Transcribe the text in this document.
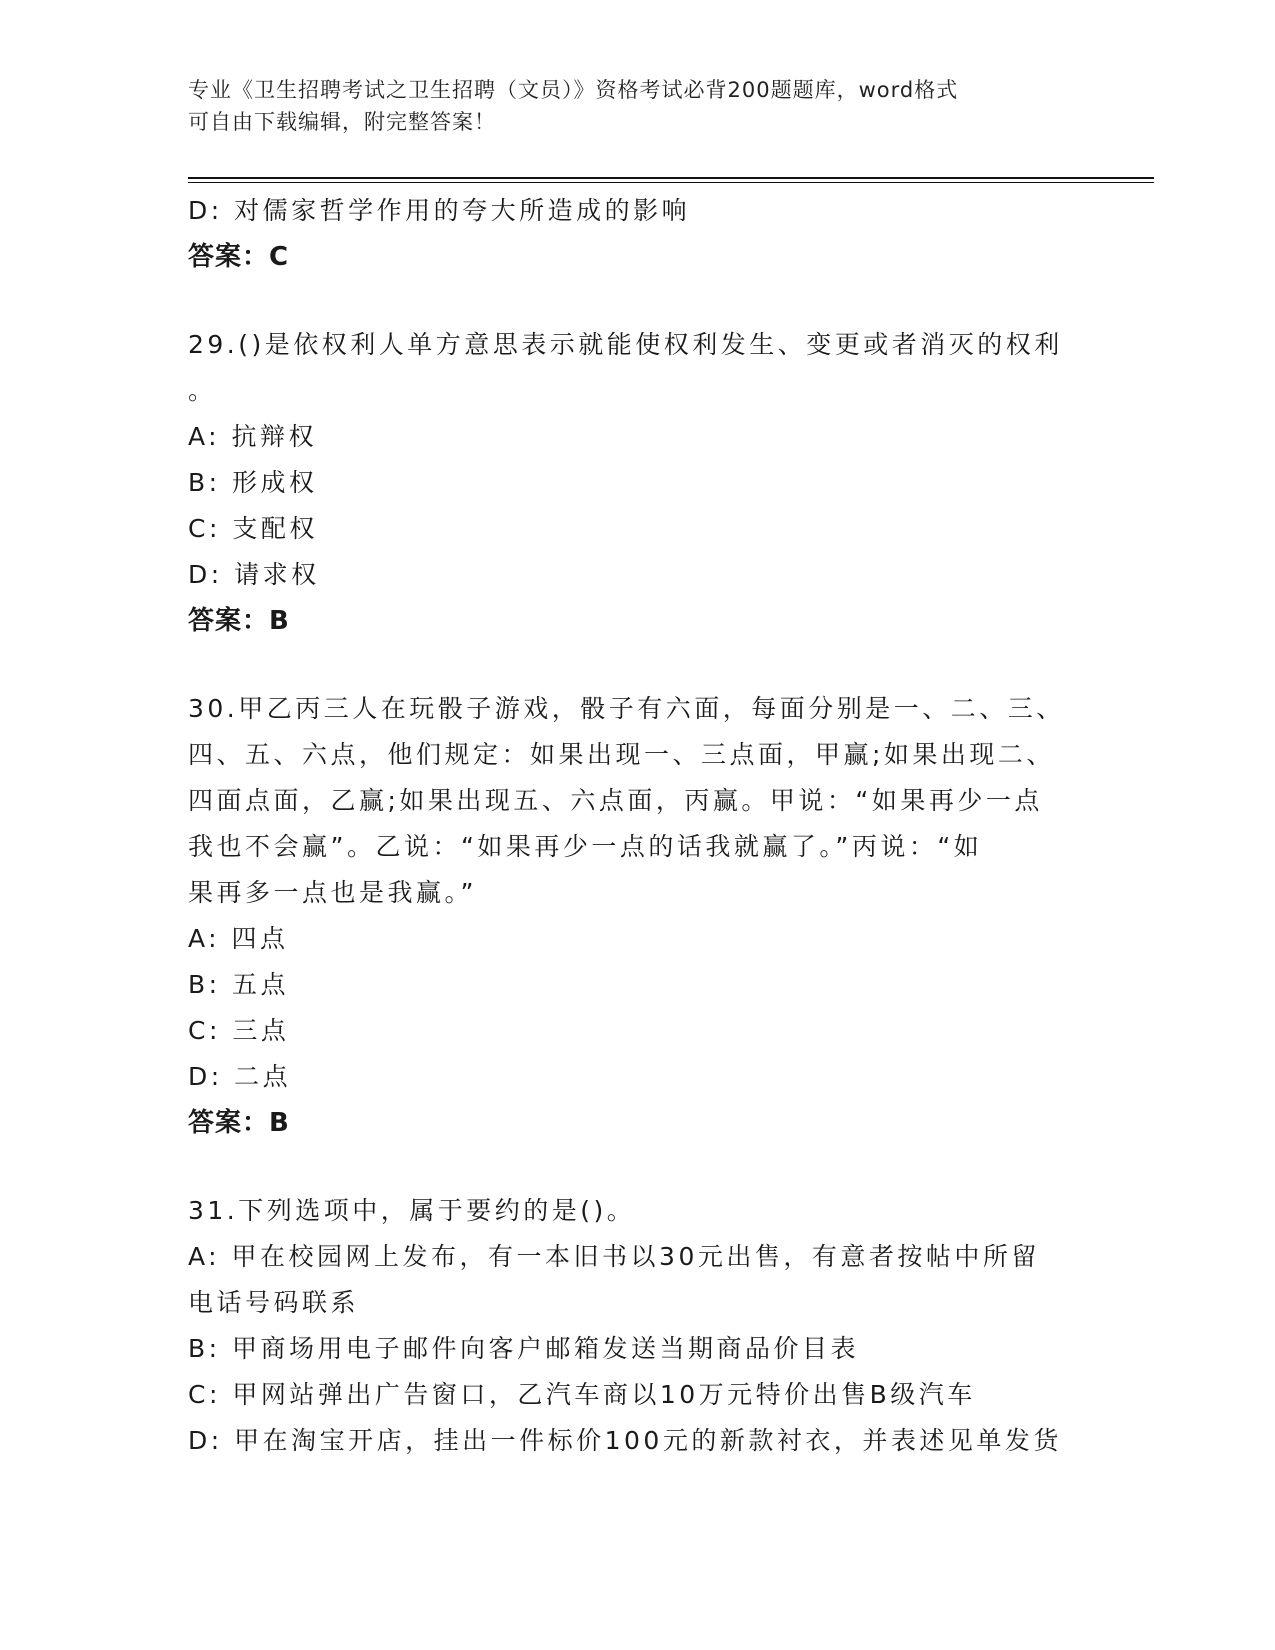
专业《卫生招聘考试之卫生招聘（文员）》资格考试必背200题题库，word格式
可自由下载编辑，附完整答案！
D: 对儒家哲学作用的夸大所造成的影响
答案：C
29.()是依权利人单方意思表示就能使权利发生、变更或者消灭的权利
。
A: 抗辩权
B: 形成权
C: 支配权
D: 请求权
答案：B
30.甲乙丙三人在玩骰子游戏，骰子有六面，每面分别是一、二、三、
四、五、六点，他们规定：如果出现一、三点面，甲赢;如果出现二、
四面点面，乙赢;如果出现五、六点面，丙赢。甲说：“如果再少一点
我也不会赢”。乙说：“如果再少一点的话我就赢了。”丙说：“如
果再多一点也是我赢。”
A: 四点
B: 五点
C: 三点
D: 二点
答案：B
31.下列选项中，属于要约的是()。
A: 甲在校园网上发布，有一本旧书以30元出售，有意者按帖中所留
电话号码联系
B: 甲商场用电子邮件向客户邮箱发送当期商品价目表
C: 甲网站弹出广告窗口，乙汽车商以10万元特价出售B级汽车
D: 甲在淘宝开店，挂出一件标价100元的新款衬衣，并表述见单发货
